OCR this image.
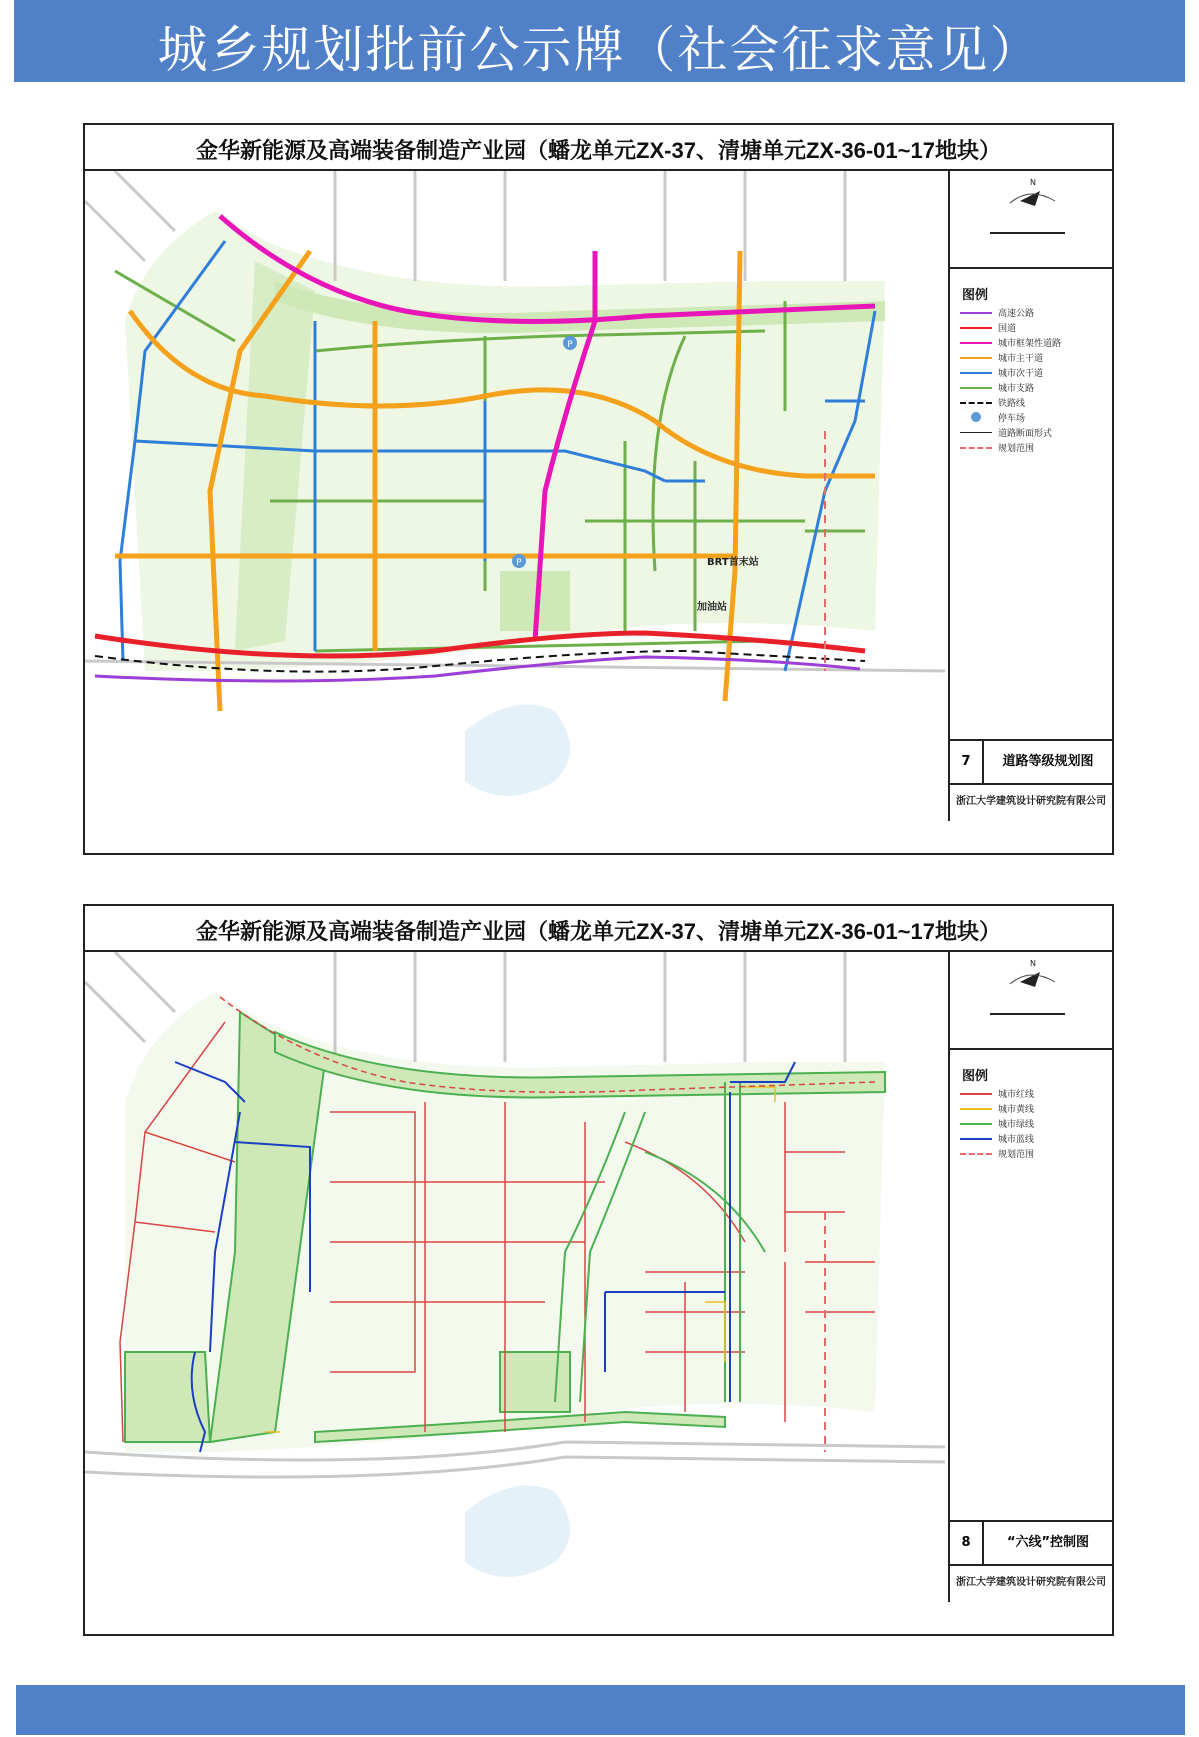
城乡规划批前公示牌（社会征求意见）
金华新能源及高端装备制造产业园（蟠龙单元ZX-37、清塘单元ZX-36-01~17地块）
P
P	BRT首末站
加油站
N
图例
高速公路
国道
城市框架性道路
城市主干道
城市次干道
城市支路
铁路线
停车场
道路断面形式
规划范围
7	道路等级规划图
浙江大学建筑设计研究院有限公司
金华新能源及高端装备制造产业园（蟠龙单元ZX-37、清塘单元ZX-36-01~17地块）
N
图例
城市红线
城市黄线
城市绿线
城市蓝线
规划范围
8	“六线”控制图
浙江大学建筑设计研究院有限公司
